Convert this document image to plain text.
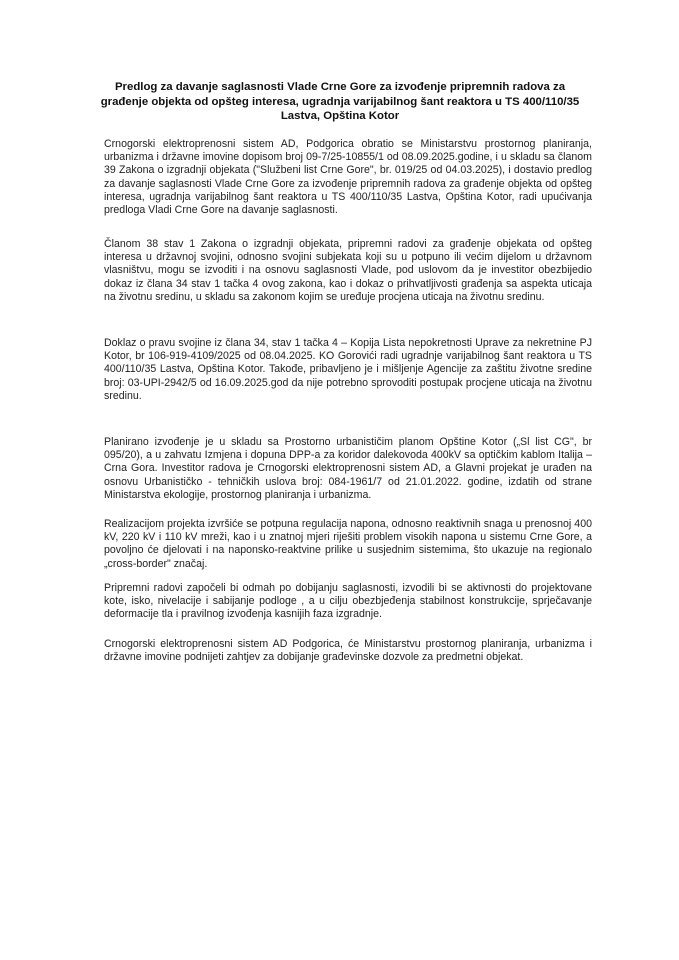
Predlog za davanje saglasnosti Vlade Crne Gore za izvođenje pripremnih radova za građenje objekta od opšteg interesa, ugradnja varijabilnog šant reaktora u TS 400/110/35 Lastva, Opština Kotor

Crnogorski elektroprenosni sistem AD, Podgorica obratio se Ministarstvu prostornog planiranja, urbanizma i državne imovine dopisom broj 09-7/25-10855/1 od 08.09.2025.godine, i u skladu sa članom 39 Zakona o izgradnji objekata ("Službeni list Crne Gore", br. 019/25 od 04.03.2025), i dostavio predlog za davanje saglasnosti Vlade Crne Gore za izvođenje pripremnih radova za građenje objekta od opšteg interesa, ugradnja varijabilnog šant reaktora u TS 400/110/35 Lastva, Opština Kotor, radi upućivanja predloga Vladi Crne Gore na davanje saglasnosti.

Članom 38 stav 1 Zakona o izgradnji objekata, pripremni radovi za građenje objekata od opšteg interesa u državnoj svojini, odnosno svojini subjekata koji su u potpuno ili većim dijelom u državnom vlasništvu, mogu se izvoditi i na osnovu saglasnosti Vlade, pod uslovom da je investitor obezbijedio dokaz iz člana 34 stav 1 tačka 4 ovog zakona, kao i dokaz o prihvatljivosti građenja sa aspekta uticaja na životnu sredinu, u skladu sa zakonom kojim se uređuje procjena uticaja na životnu sredinu.

Doklaz o pravu svojine iz člana 34, stav 1 tačka 4 – Kopija Lista nepokretnosti Uprave za nekretnine PJ Kotor, br 106-919-4109/2025 od 08.04.2025. KO Gorovići radi ugradnje varijabilnog šant reaktora u TS 400/110/35 Lastva, Opština Kotor. Takođe, pribavljeno je i mišljenje Agencije za zaštitu životne sredine broj: 03-UPI-2942/5 od 16.09.2025.god da nije potrebno sprovoditi postupak procjene uticaja na životnu sredinu.

Planirano izvođenje je u skladu sa Prostorno urbanističim planom Opštine Kotor („Sl list CG", br 095/20), a u zahvatu Izmjena i dopuna DPP-a za koridor dalekovoda 400kV sa optičkim kablom Italija – Crna Gora. Investitor radova je Crnogorski elektroprenosni sistem AD, a Glavni projekat je urađen na osnovu Urbanističko - tehničkih uslova broj: 084-1961/7 od 21.01.2022. godine, izdatih od strane Ministarstva ekologije, prostornog planiranja i urbanizma.

Realizacijom projekta izvršiće se potpuna regulacija napona, odnosno reaktivnih snaga u prenosnoj 400 kV, 220 kV i 110 kV mreži, kao i u znatnoj mjeri riješiti problem visokih napona u sistemu Crne Gore, a povoljno će djelovati i na naponsko-reaktvine prilike u susjednim sistemima, što ukazuje na regionalo „cross-border" značaj.

Pripremni radovi započeli bi odmah po dobijanju saglasnosti, izvodili bi se aktivnosti do projektovane kote, isko, nivelacije i sabijanje podloge , a u cilju obezbjeđenja stabilnost konstrukcije, sprječavanje deformacije tla i pravilnog izvođenja kasnijih faza izgradnje.

Crnogorski elektroprenosni sistem AD Podgorica, će Ministarstvu prostornog planiranja, urbanizma i državne imovine podnijeti zahtjev za dobijanje građevinske dozvole za predmetni objekat.
